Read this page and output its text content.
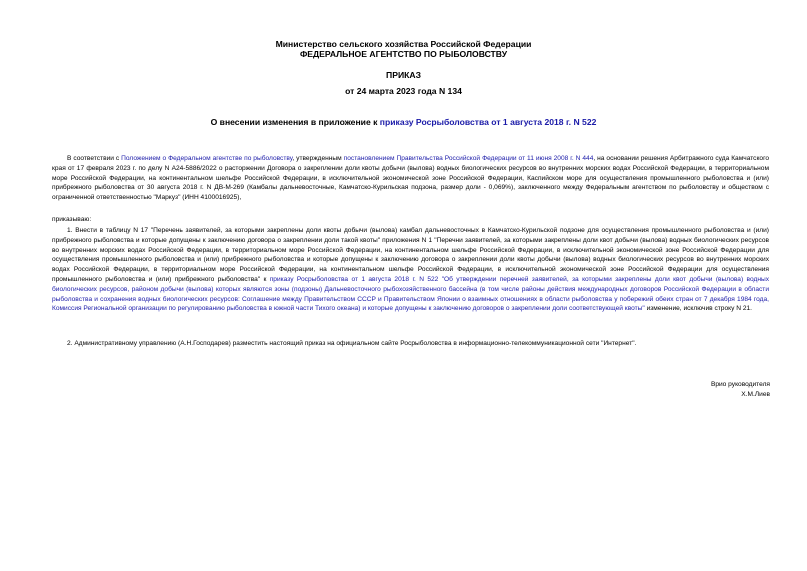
Министерство сельского хозяйства Российской Федерации
ФЕДЕРАЛЬНОЕ АГЕНТСТВО ПО РЫБОЛОВСТВУ
ПРИКАЗ
от 24 марта 2023 года N 134
О внесении изменения в приложение к приказу Росрыболовства от 1 августа 2018 г. N 522
В соответствии с Положением о Федеральном агентстве по рыболовству, утвержденным постановлением Правительства Российской Федерации от 11 июня 2008 г. N 444, на основании решения Арбитражного суда Камчатского края от 17 февраля 2023 г. по делу N А24-5886/2022 о расторжении Договора о закреплении доли квоты добычи (вылова) водных биологических ресурсов во внутренних морских водах Российской Федерации, в территориальном море Российской Федерации, на континентальном шельфе Российской Федерации, в исключительной экономической зоне Российской Федерации, Каспийском море для осуществления промышленного рыболовства и (или) прибрежного рыболовства от 30 августа 2018 г. N ДВ-М-269 (Камбалы дальневосточные, Камчатско-Курильская подзона, размер доли - 0,069%), заключенного между Федеральным агентством по рыболовству и обществом с ограниченной ответственностью "Маркуз" (ИНН 4100016925),
приказываю:
1. Внести в таблицу N 17 "Перечень заявителей, за которыми закреплены доли квоты добычи (вылова) камбал дальневосточных в Камчатско-Курильской подзоне для осуществления промышленного рыболовства и (или) прибрежного рыболовства и которые допущены к заключению договора о закреплении доли такой квоты" приложения N 1 "Перечни заявителей, за которыми закреплены доли квот добычи (вылова) водных биологических ресурсов во внутренних морских водах Российской Федерации, в территориальном море Российской Федерации, на континентальном шельфе Российской Федерации, в исключительной экономической зоне Российской Федерации для осуществления промышленного рыболовства и (или) прибрежного рыболовства и которые допущены к заключению договора о закреплении доли квоты добычи (вылова) водных биологических ресурсов во внутренних морских водах Российской Федерации, в территориальном море Российской Федерации, на континентальном шельфе Российской Федерации, в исключительной экономической зоне Российской Федерации для осуществления промышленного рыболовства и (или) прибрежного рыболовства" к приказу Росрыболовства от 1 августа 2018 г. N 522 "Об утверждении перечней заявителей, за которыми закреплены доли квот добычи (вылова) водных биологических ресурсов, районом добычи (вылова) которых являются зоны (подзоны) Дальневосточного рыбохозяйственного бассейна (в том числе районы действия международных договоров Российской Федерации в области рыболовства и сохранения водных биологических ресурсов: Соглашение между Правительством СССР и Правительством Японии о взаимных отношениях в области рыболовства у побережий обеих стран от 7 декабря 1984 года, Комиссия Региональной организации по регулированию рыболовства в южной части Тихого океана) и которые допущены к заключению договоров о закреплении доли соответствующей квоты" изменение, исключив строку N 21.
2. Административному управлению (А.Н.Господарев) разместить настоящий приказ на официальном сайте Росрыболовства в информационно-телекоммуникационной сети "Интернет".
Врио руководителя
Х.М.Лиев
